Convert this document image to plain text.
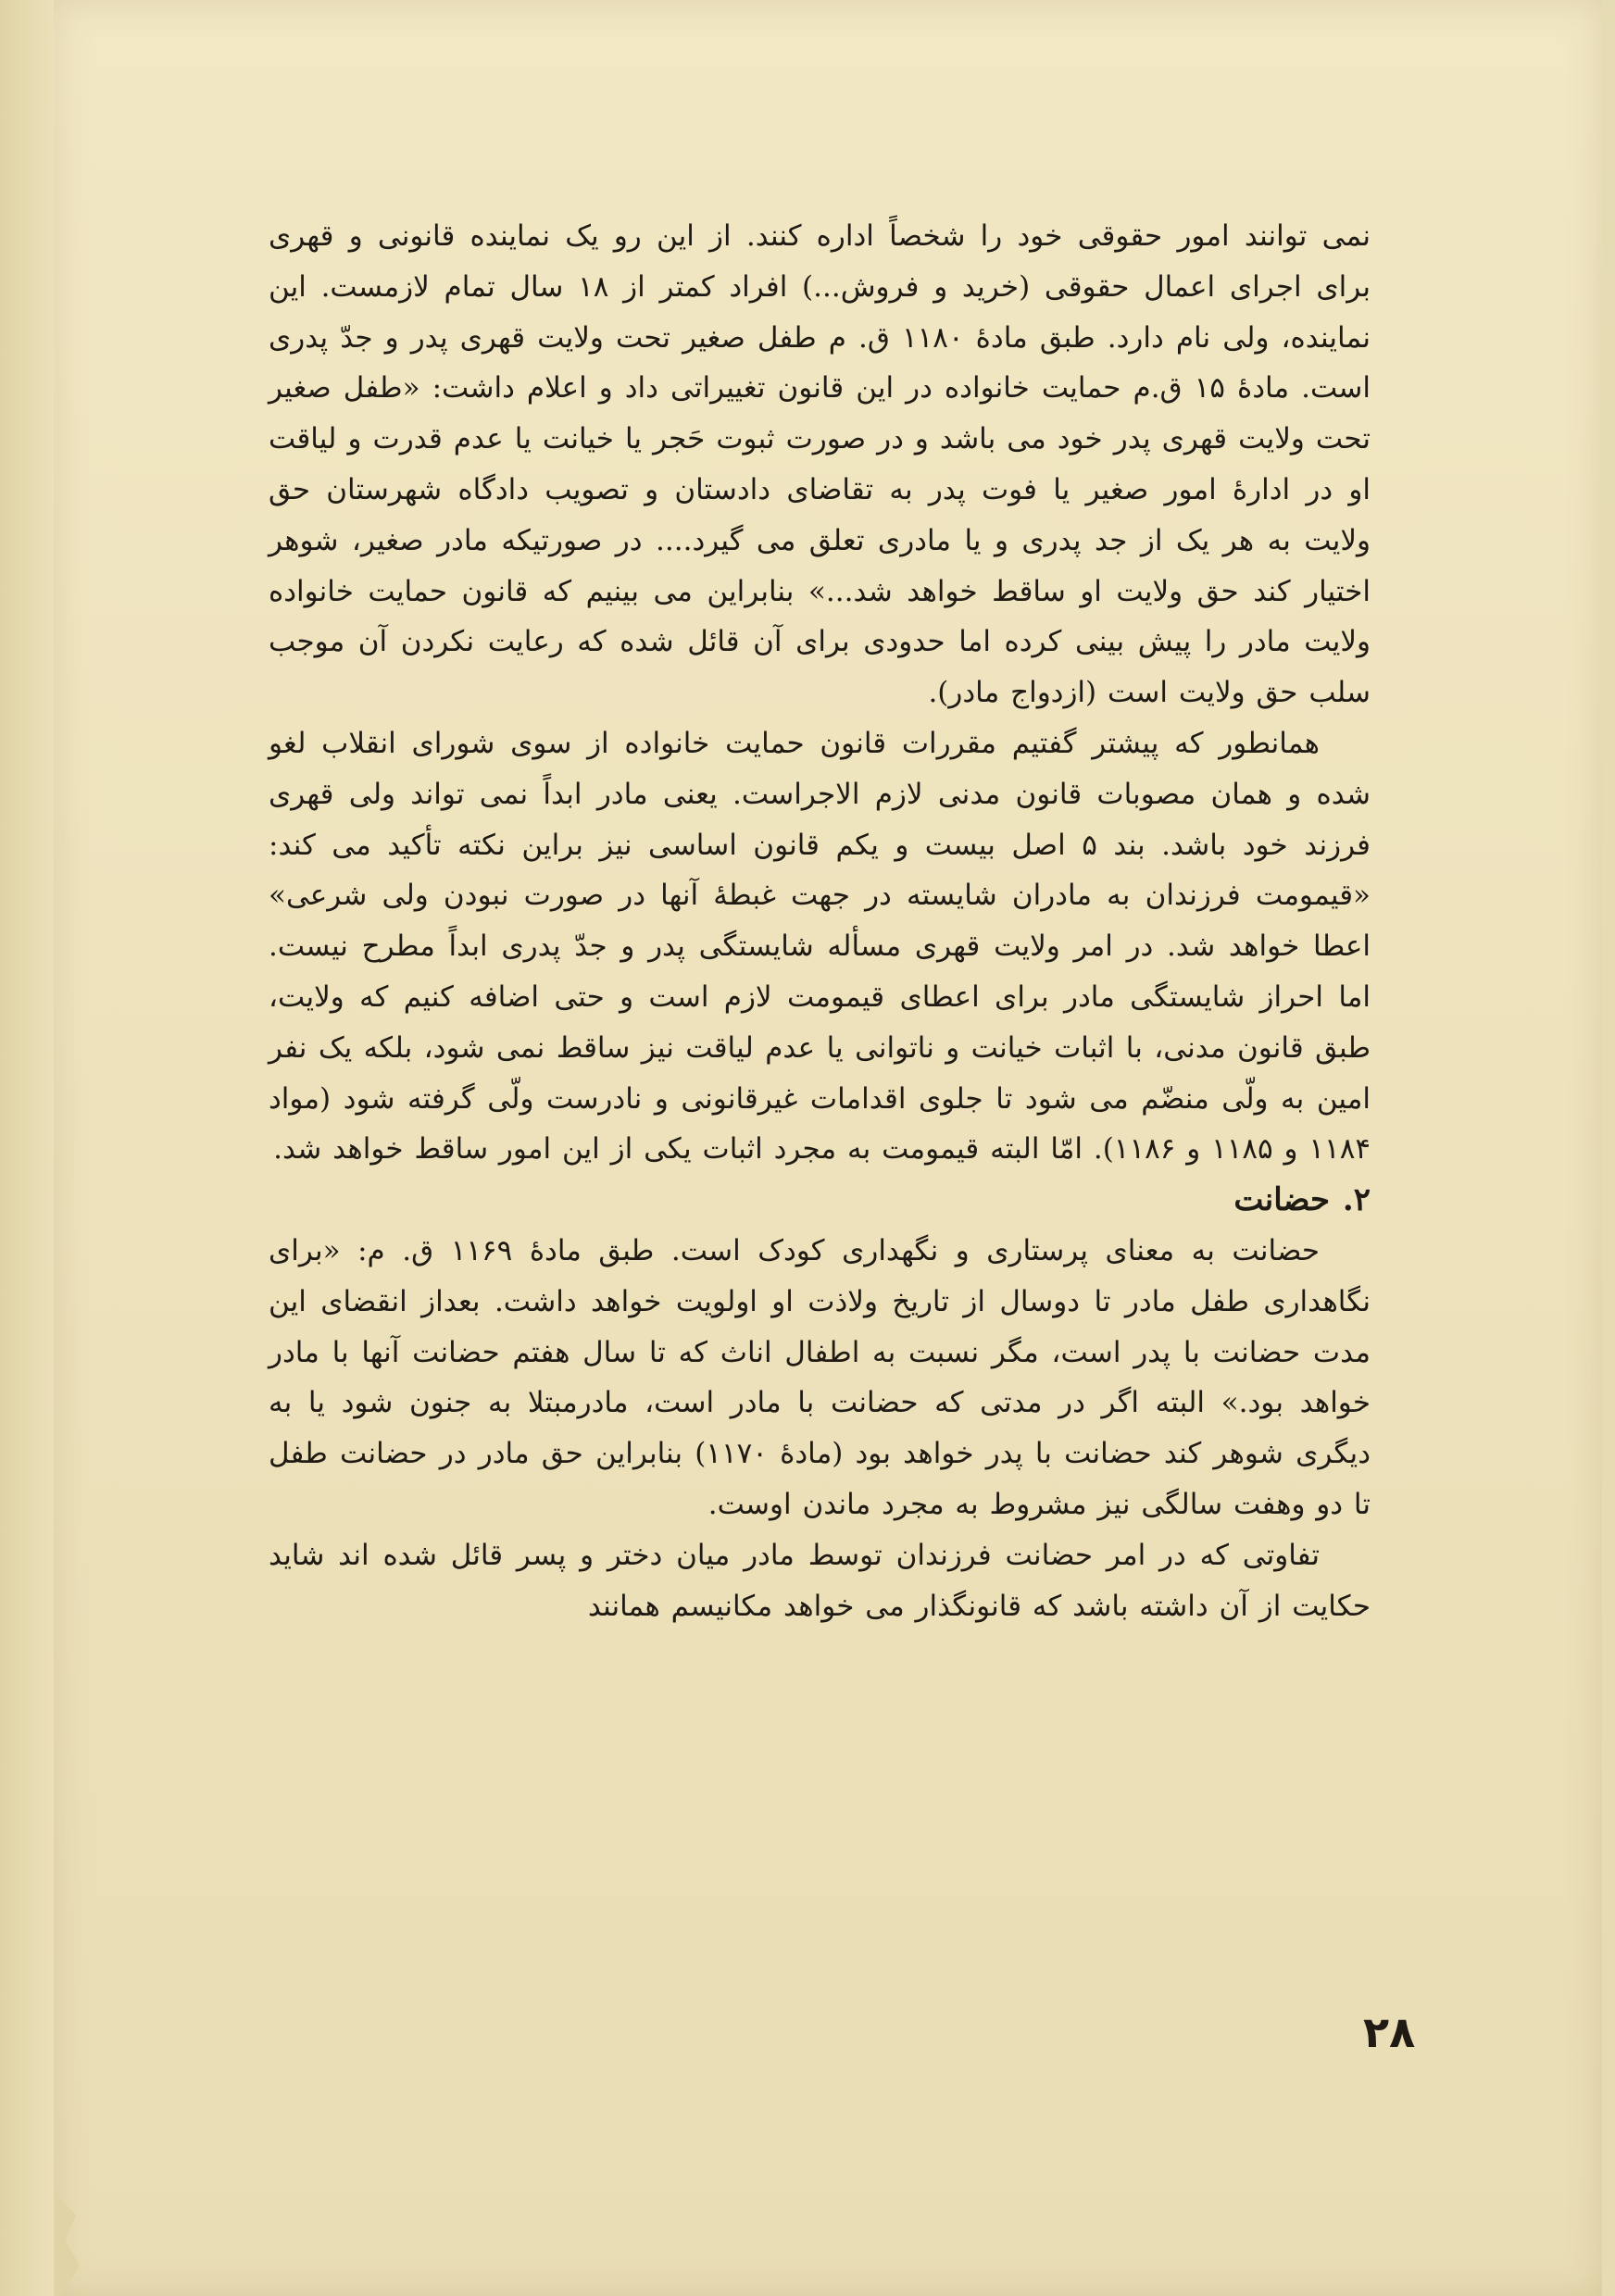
نمی توانند امور حقوقی خود را شخصاً اداره کنند. از این رو یک نماینده قانونی و قهری برای اجرای اعمال حقوقی (خرید و فروش...) افراد کمتر از ۱۸ سال تمام لازمست. این نماینده، ولی نام دارد. طبق مادهٔ ۱۱۸۰ ق. م طفل صغیر تحت ولایت قهری پدر و جدّ پدری است. مادهٔ ۱۵ ق.م حمایت خانواده در این قانون تغییراتی داد و اعلام داشت: «طفل صغیر تحت ولایت قهری پدر خود می باشد و در صورت ثبوت حَجر یا خیانت یا عدم قدرت و لیاقت او در ادارهٔ امور صغیر یا فوت پدر به تقاضای دادستان و تصویب دادگاه شهرستان حق ولایت به هر یک از جد پدری و یا مادری تعلق می گیرد.... در صورتیکه مادر صغیر، شوهر اختیار کند حق ولایت او ساقط خواهد شد...» بنابراین می بینیم که قانون حمایت خانواده ولایت مادر را پیش بینی کرده اما حدودی برای آن قائل شده که رعایت نکردن آن موجب سلب حق ولایت است (ازدواج مادر).

همانطور که پیشتر گفتیم مقررات قانون حمایت خانواده از سوی شورای انقلاب لغو شده و همان مصوبات قانون مدنی لازم الاجراست. یعنی مادر ابداً نمی تواند ولی قهری فرزند خود باشد. بند ۵ اصل بیست و یکم قانون اساسی نیز براین نکته تأکید می کند: «قیمومت فرزندان به مادران شایسته در جهت غبطهٔ آنها در صورت نبودن ولی شرعی» اعطا خواهد شد. در امر ولایت قهری مسأله شایستگی پدر و جدّ پدری ابداً مطرح نیست. اما احراز شایستگی مادر برای اعطای قیمومت لازم است و حتی اضافه کنیم که ولایت، طبق قانون مدنی، با اثبات خیانت و ناتوانی یا عدم لیاقت نیز ساقط نمی شود، بلکه یک نفر امین به ولّی منضّم می شود تا جلوی اقدامات غیرقانونی و نادرست ولّی گرفته شود (مواد ۱۱۸۴ و ۱۱۸۵ و ۱۱۸۶). امّا البته قیمومت به مجرد اثبات یکی از این امور ساقط خواهد شد.

۲. حضانت

حضانت به معنای پرستاری و نگهداری کودک است. طبق مادهٔ ۱۱۶۹ ق. م: «برای نگاهداری طفل مادر تا دوسال از تاریخ ولاذت او اولویت خواهد داشت. بعداز انقضای این مدت حضانت با پدر است، مگر نسبت به اطفال اناث که تا سال هفتم حضانت آنها با مادر خواهد بود.» البته اگر در مدتی که حضانت با مادر است، مادرمبتلا به جنون شود یا به دیگری شوهر کند حضانت با پدر خواهد بود (مادهٔ ۱۱۷۰) بنابراین حق مادر در حضانت طفل تا دو وهفت سالگی نیز مشروط به مجرد ماندن اوست.

تفاوتی که در امر حضانت فرزندان توسط مادر میان دختر و پسر قائل شده اند شاید حکایت از آن داشته باشد که قانونگذار می خواهد مکانیسم همانند

۲۸
